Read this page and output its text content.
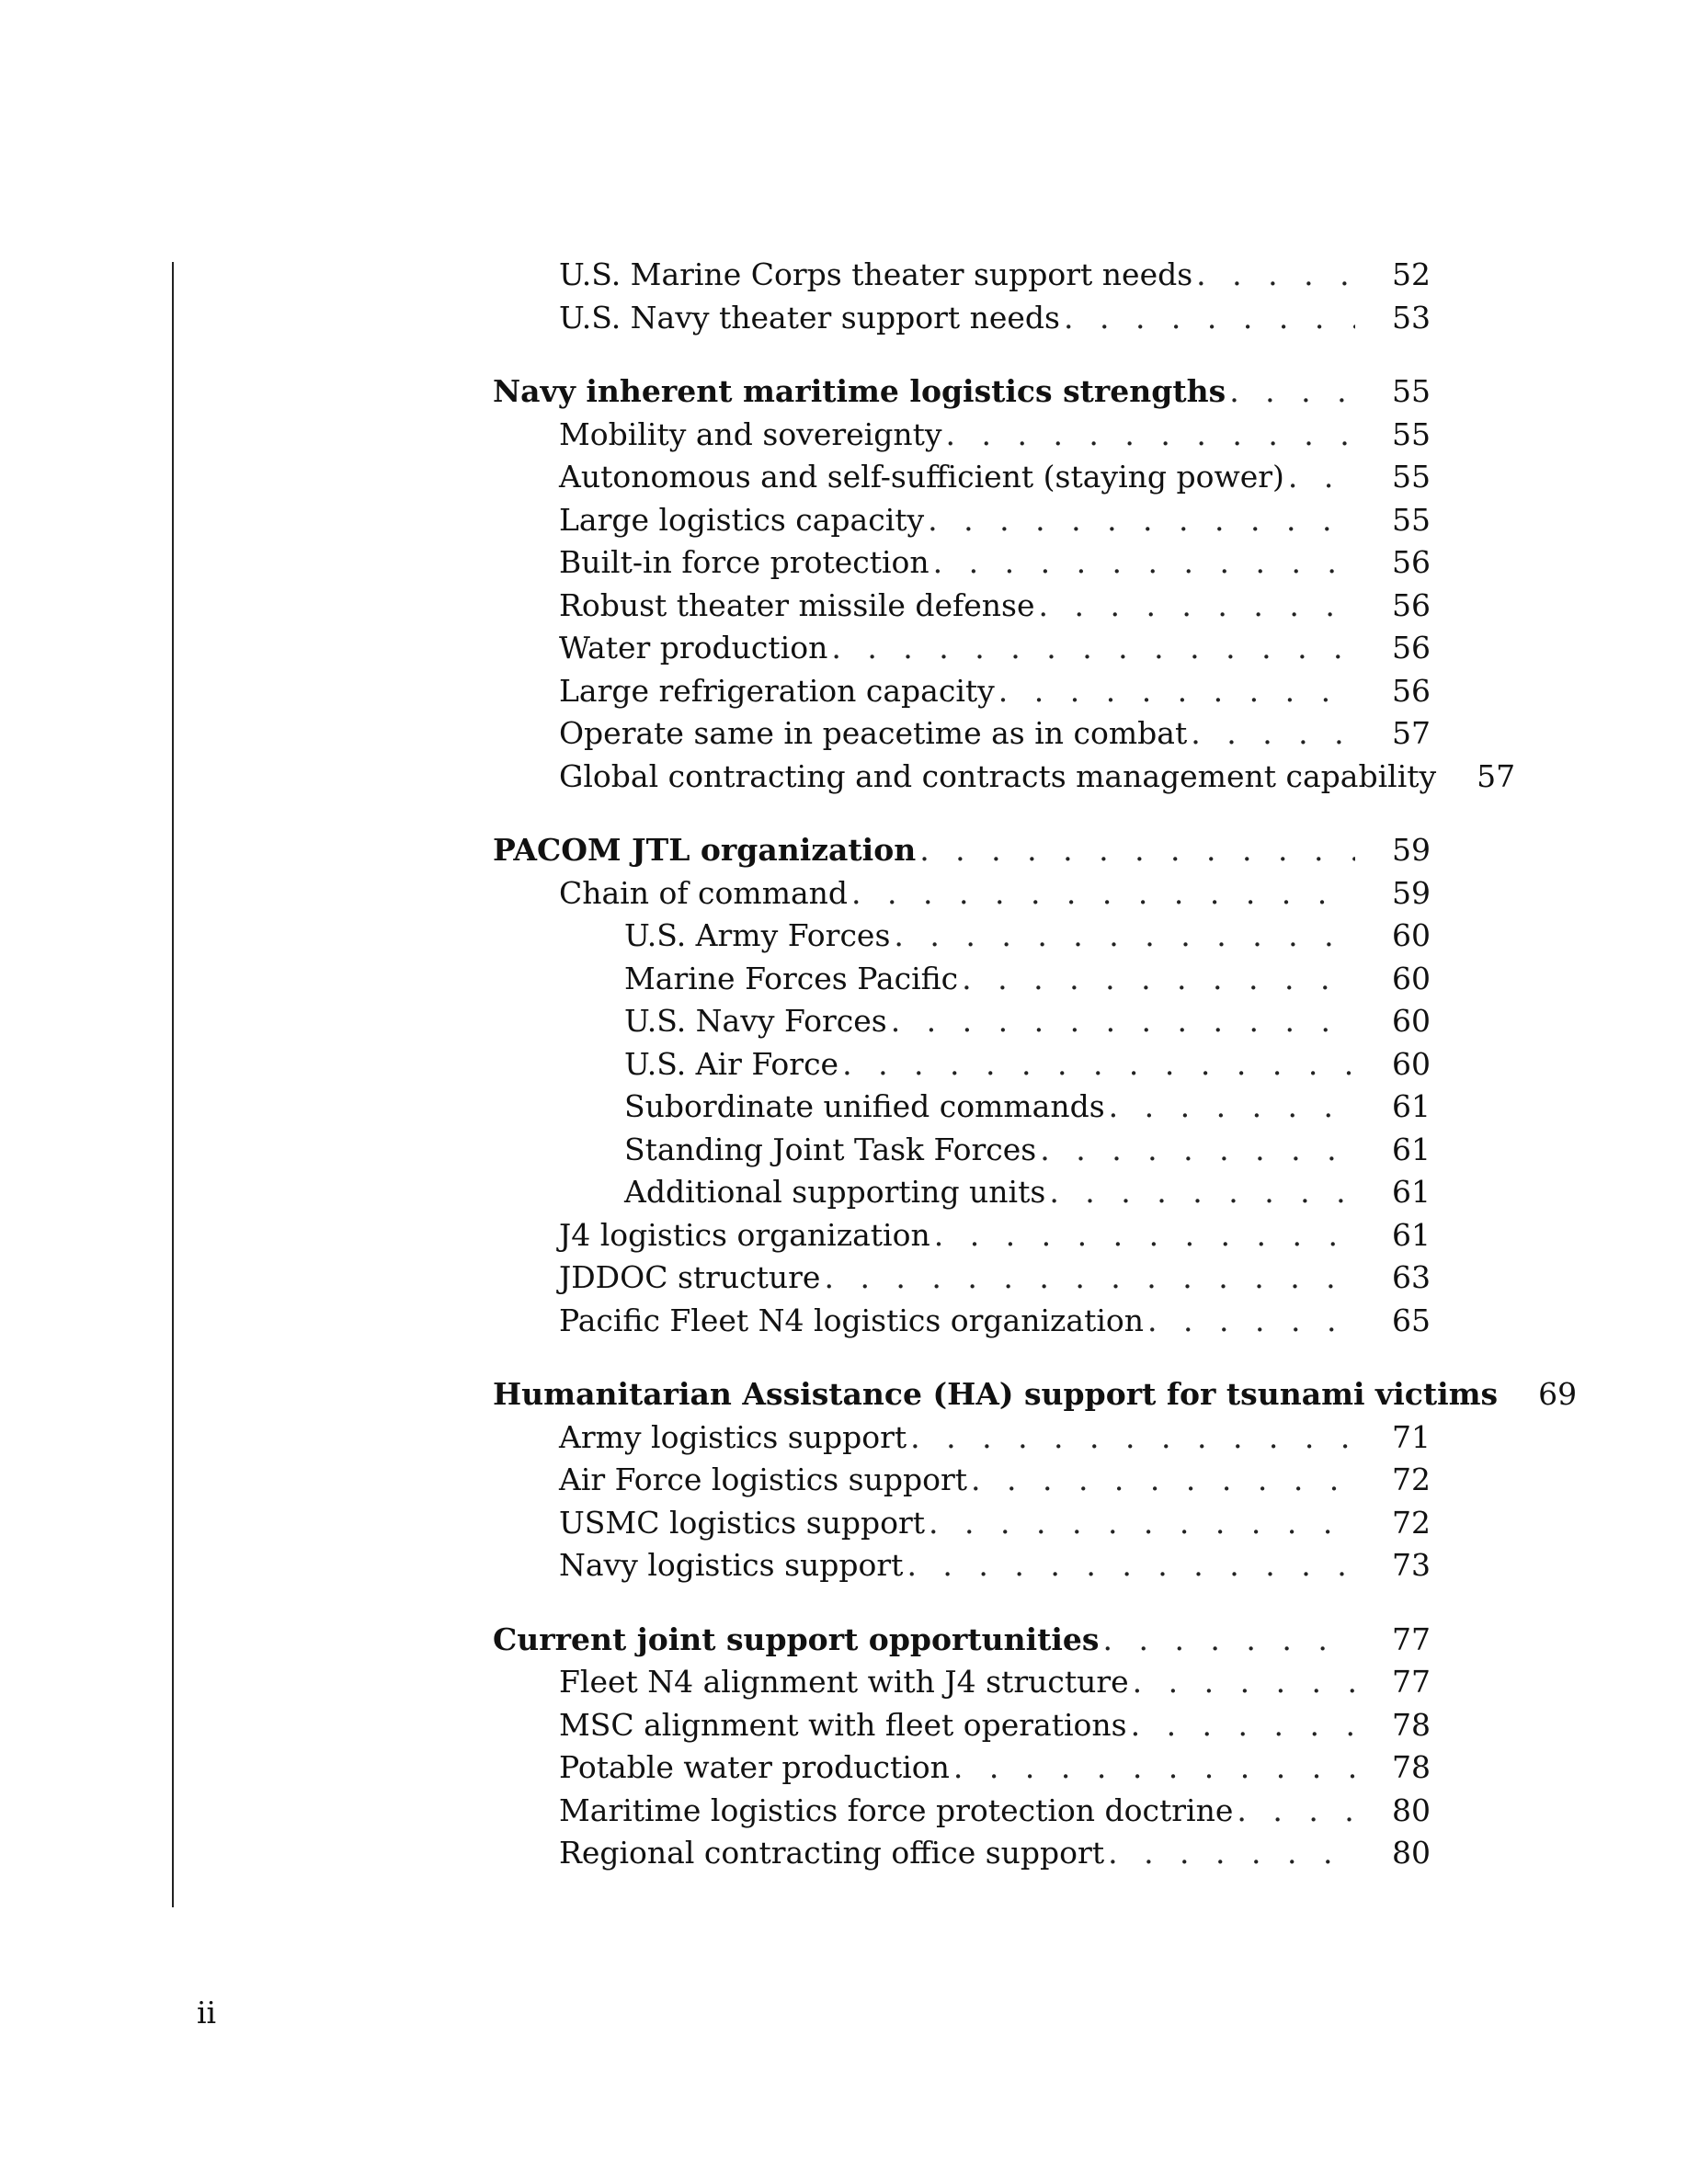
U.S. Marine Corps theater support needs . . .	52
U.S. Navy theater support needs . . .	53
Navy inherent maritime logistics strengths . . .	55
Mobility and sovereignty . . .	55
Autonomous and self-sufficient (staying power) . . .	55
Large logistics capacity . . .	55
Built-in force protection . . .	56
Robust theater missile defense . . .	56
Water production . . .	56
Large refrigeration capacity . . .	56
Operate same in peacetime as in combat . . .	57
Global contracting and contracts management capability	57
PACOM JTL organization . . .	59
Chain of command . . .	59
U.S. Army Forces . . .	60
Marine Forces Pacific . . .	60
U.S. Navy Forces . . .	60
U.S. Air Force . . .	60
Subordinate unified commands . . .	61
Standing Joint Task Forces . . .	61
Additional supporting units . . .	61
J4 logistics organization . . .	61
JDDOC structure . . .	63
Pacific Fleet N4 logistics organization . . .	65
Humanitarian Assistance (HA) support for tsunami victims	69
Army logistics support . . .	71
Air Force logistics support . . .	72
USMC logistics support . . .	72
Navy logistics support . . .	73
Current joint support opportunities . . .	77
Fleet N4 alignment with J4 structure . . .	77
MSC alignment with fleet operations . . .	78
Potable water production . . .	78
Maritime logistics force protection doctrine . . .	80
Regional contracting office support . . .	80
ii
